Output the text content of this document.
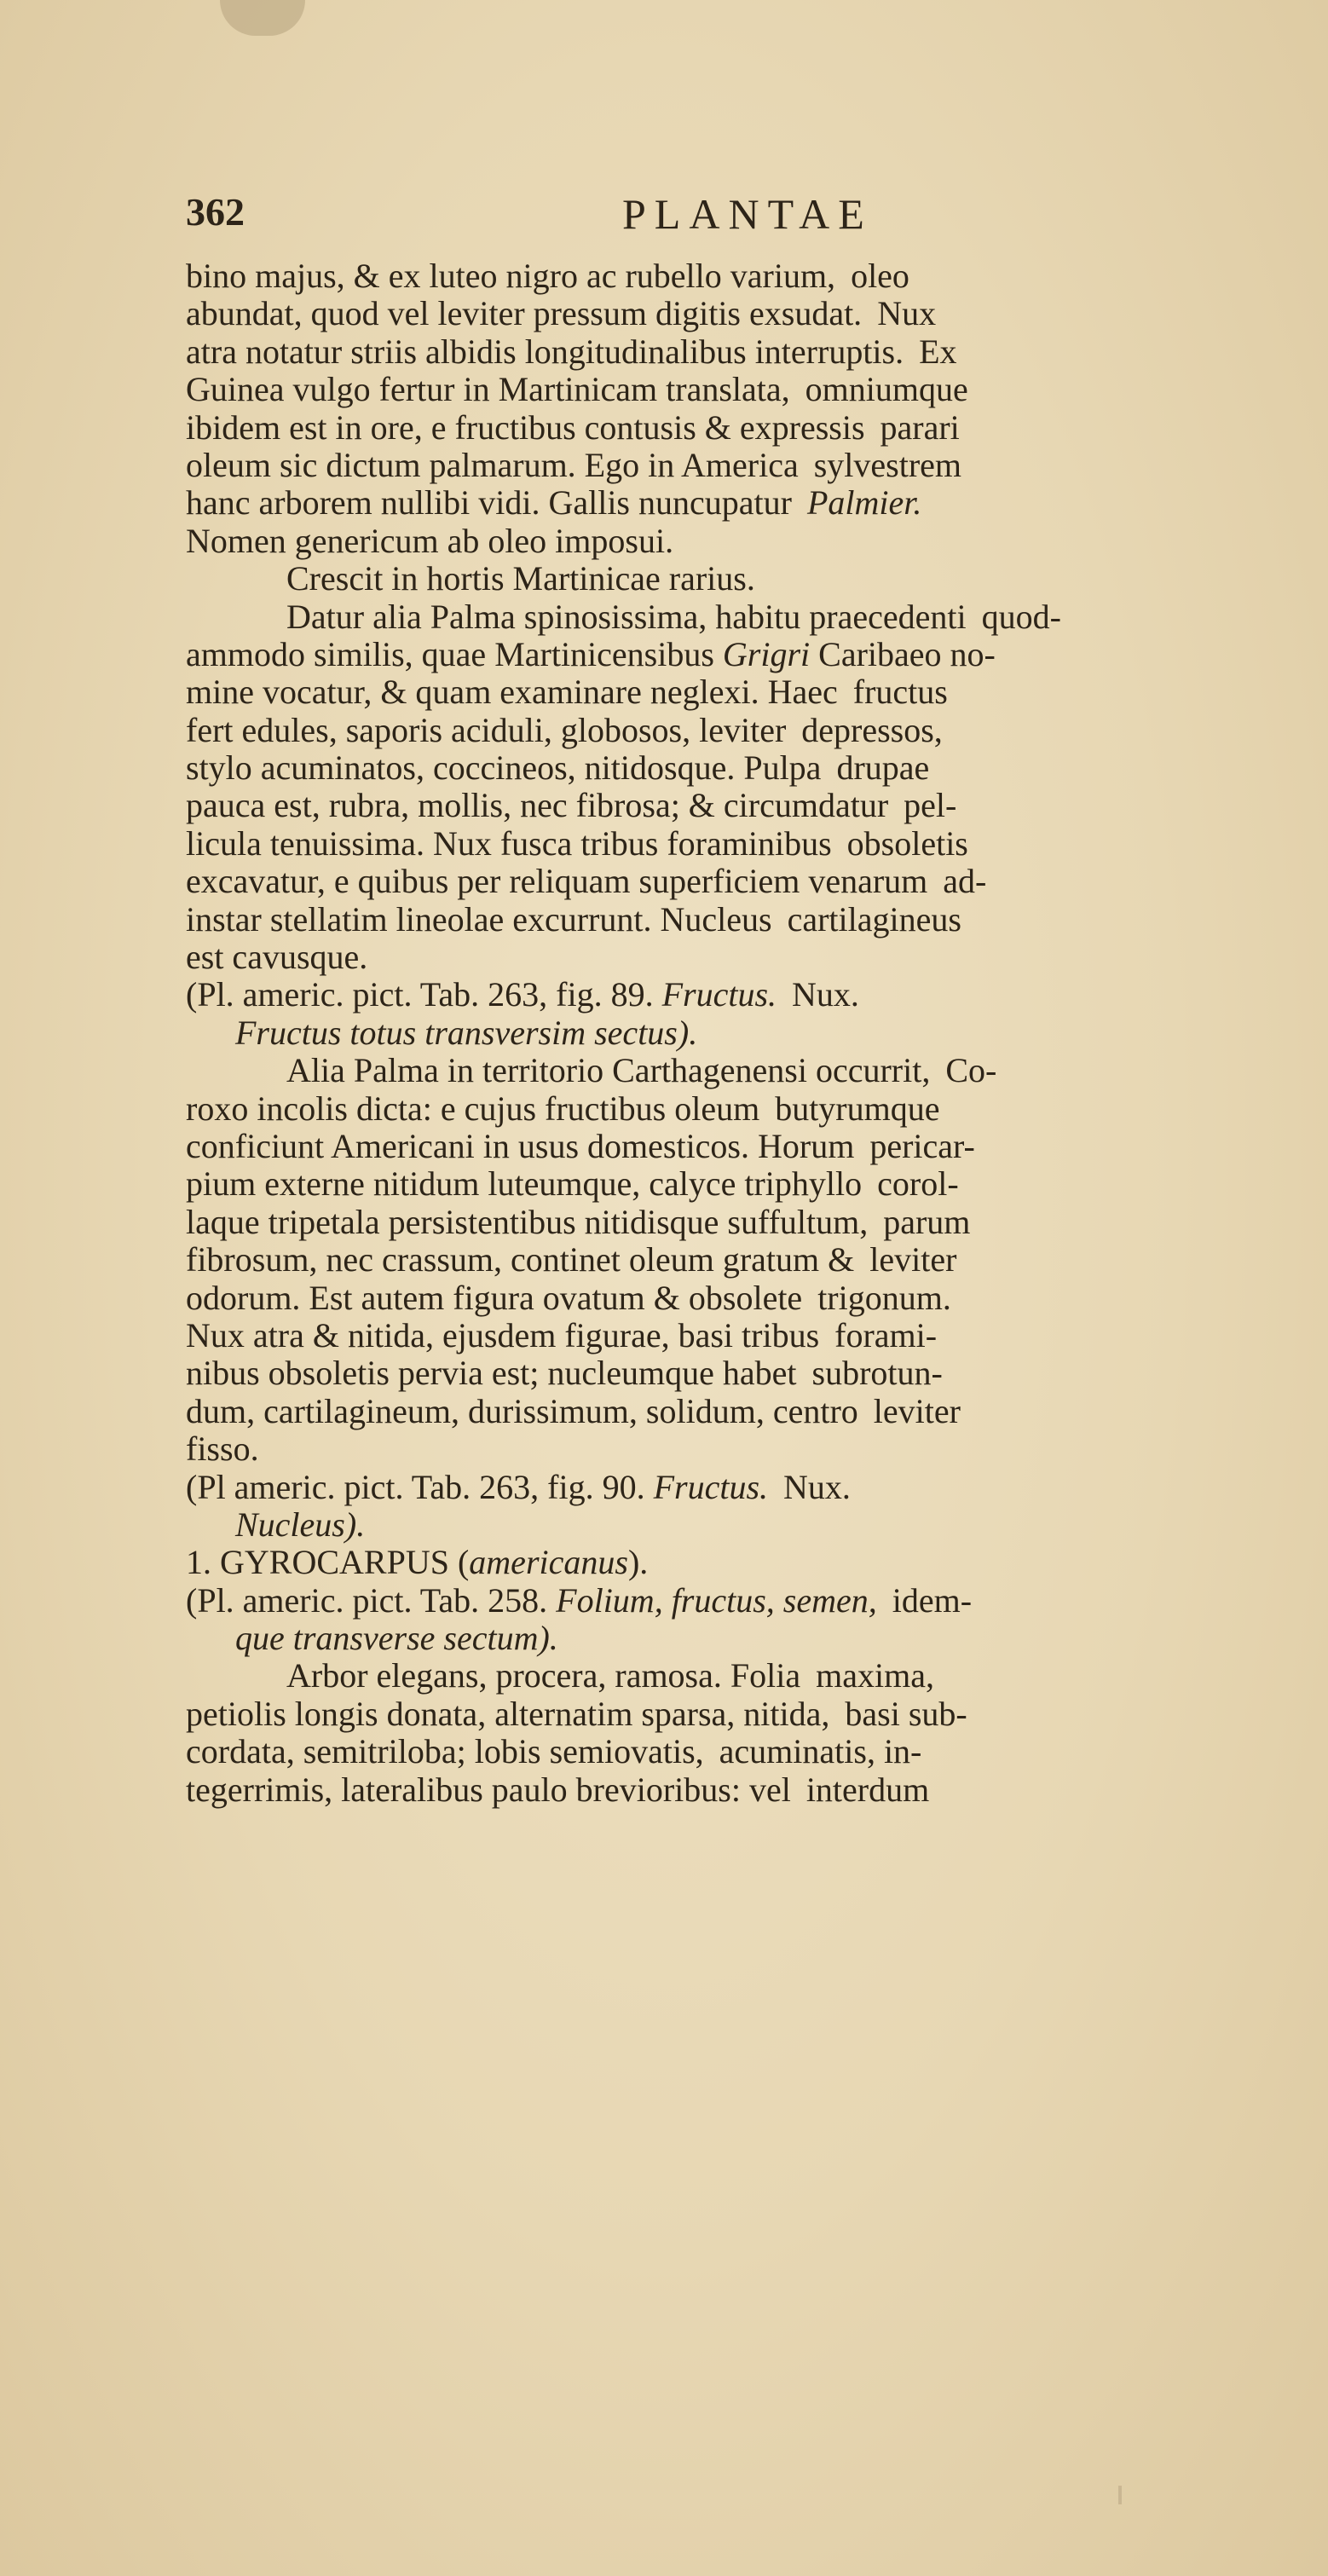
362	PLANTAE
bino majus, & ex luteo nigro ac rubello varium, oleo
abundat, quod vel leviter pressum digitis exsudat. Nux
atra notatur striis albidis longitudinalibus interruptis. Ex
Guinea vulgo fertur in Martinicam translata, omniumque
ibidem est in ore, e fructibus contusis & expressis parari
oleum sic dictum palmarum. Ego in America sylvestrem
hanc arborem nullibi vidi. Gallis nuncupatur Palmier.
Nomen genericum ab oleo imposui.
Crescit in hortis Martinicae rarius.
Datur alia Palma spinosissima, habitu praecedenti quod-
ammodo similis, quae Martinicensibus Grigri Caribaeo no-
mine vocatur, & quam examinare neglexi. Haec fructus
fert edules, saporis aciduli, globosos, leviter depressos,
stylo acuminatos, coccineos, nitidosque. Pulpa drupae
pauca est, rubra, mollis, nec fibrosa; & circumdatur pel-
licula tenuissima. Nux fusca tribus foraminibus obsoletis
excavatur, e quibus per reliquam superficiem venarum ad-
instar stellatim lineolae excurrunt. Nucleus cartilagineus
est cavusque.
(Pl. americ. pict. Tab. 263, fig. 89. Fructus. Nux.
Fructus totus transversim sectus).
Alia Palma in territorio Carthagenensi occurrit, Co-
roxo incolis dicta: e cujus fructibus oleum butyrumque
conficiunt Americani in usus domesticos. Horum pericar-
pium externe nitidum luteumque, calyce triphyllo corol-
laque tripetala persistentibus nitidisque suffultum, parum
fibrosum, nec crassum, continet oleum gratum & leviter
odorum. Est autem figura ovatum & obsolete trigonum.
Nux atra & nitida, ejusdem figurae, basi tribus forami-
nibus obsoletis pervia est; nucleumque habet subrotun-
dum, cartilagineum, durissimum, solidum, centro leviter
fisso.
(Pl americ. pict. Tab. 263, fig. 90. Fructus. Nux.
Nucleus).
1. GYROCARPUS (americanus).
(Pl. americ. pict. Tab. 258. Folium, fructus, semen, idem-
que transverse sectum).
Arbor elegans, procera, ramosa. Folia maxima,
petiolis longis donata, alternatim sparsa, nitida, basi sub-
cordata, semitriloba; lobis semiovatis, acuminatis, in-
tegerrimis, lateralibus paulo brevioribus: vel interdum
